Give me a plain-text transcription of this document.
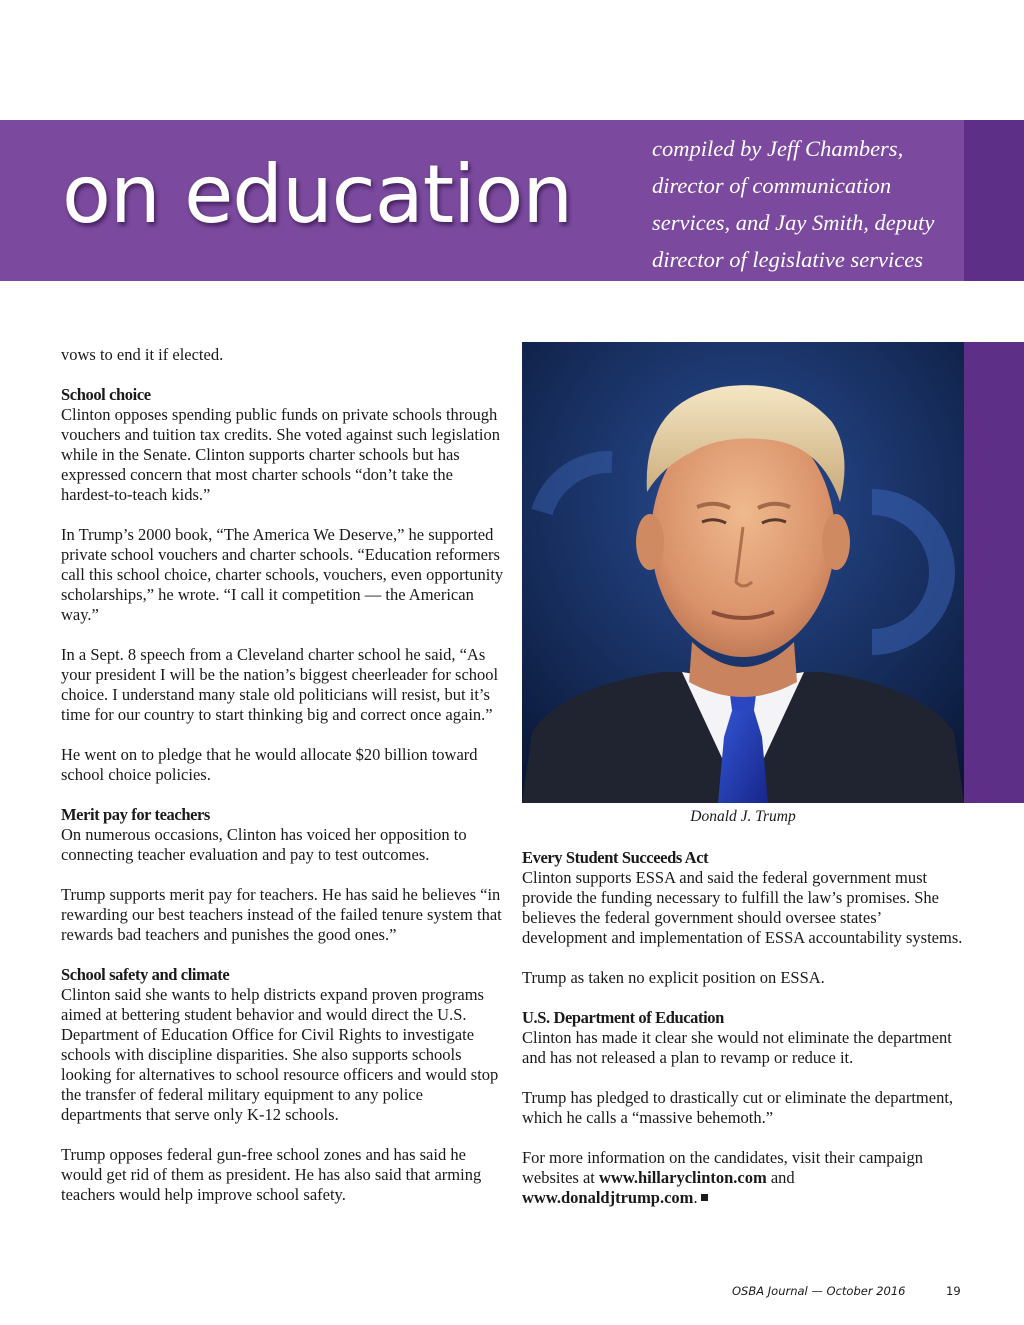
on education	compiled by Jeff Chambers,
director of communication
services, and Jay Smith, deputy
director of legislative services
Donald J. Trump

vows to end it if elected.

School choice

Clinton opposes spending public funds on private schools through vouchers and tuition tax credits. She voted against such legislation while in the Senate. Clinton supports charter schools but has expressed concern that most charter schools “don’t take the hardest-to-teach kids.”

In Trump’s 2000 book, “The America We Deserve,” he supported private school vouchers and charter schools. “Education reformers call this school choice, charter schools, vouchers, even opportunity scholarships,” he wrote. “I call it competition — the American way.”

In a Sept. 8 speech from a Cleveland charter school he said, “As your president I will be the nation’s biggest cheerleader for school choice. I understand many stale old politicians will resist, but it’s time for our country to start thinking big and correct once again.”

He went on to pledge that he would allocate $20 billion toward school choice policies.

Merit pay for teachers

On numerous occasions, Clinton has voiced her opposition to connecting teacher evaluation and pay to test outcomes.

Trump supports merit pay for teachers. He has said he believes “in rewarding our best teachers instead of the failed tenure system that rewards bad teachers and punishes the good ones.”

School safety and climate

Clinton said she wants to help districts expand proven programs aimed at bettering student behavior and would direct the U.S. Department of Education Office for Civil Rights to investigate schools with discipline disparities. She also supports schools looking for alternatives to school resource officers and would stop the transfer of federal military equipment to any police departments that serve only K-12 schools.

Trump opposes federal gun-free school zones and has said he would get rid of them as president. He has also said that arming teachers would help improve school safety.

Every Student Succeeds Act

Clinton supports ESSA and said the federal government must provide the funding necessary to fulfill the law’s promises. She believes the federal government should oversee states’ development and implementation of ESSA accountability systems.

Trump as taken no explicit position on ESSA.

U.S. Department of Education

Clinton has made it clear she would not eliminate the department and has not released a plan to revamp or reduce it.

Trump has pledged to drastically cut or eliminate the department, which he calls a “massive behemoth.”

For more information on the candidates, visit their campaign websites at www.hillaryclinton.com and www.donaldjtrump.com.

OSBA Journal — October 2016	19
